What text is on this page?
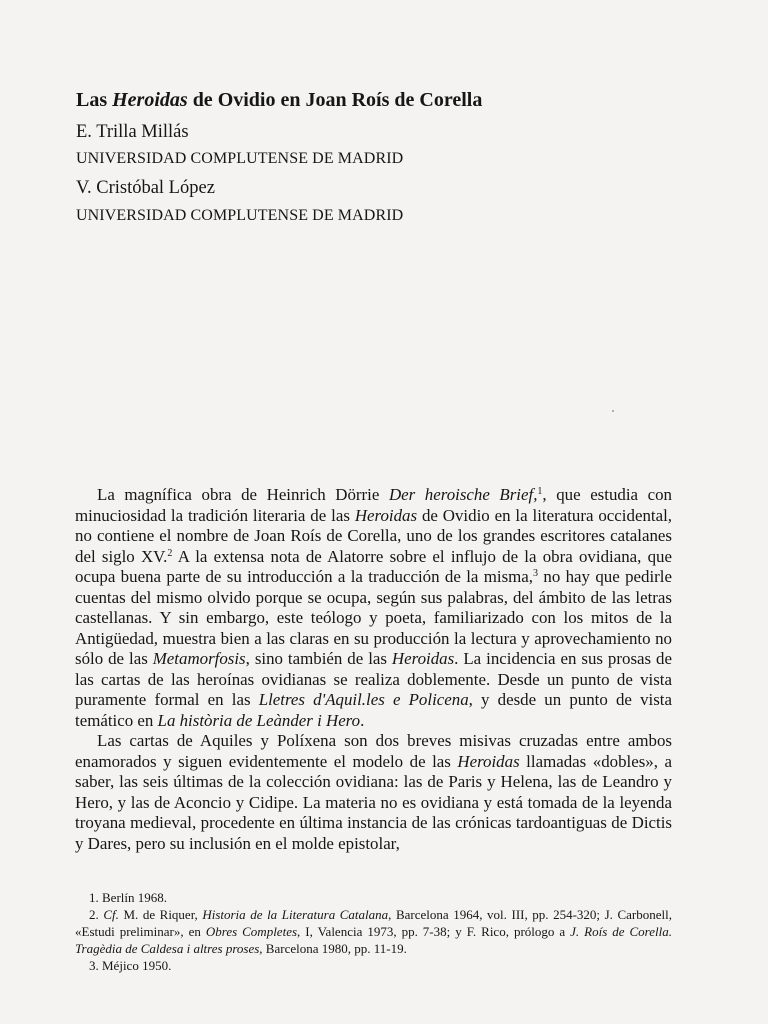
Las Heroidas de Ovidio en Joan Roís de Corella
E. Trilla Millás
UNIVERSIDAD COMPLUTENSE DE MADRID
V. Cristóbal López
UNIVERSIDAD COMPLUTENSE DE MADRID

La magnífica obra de Heinrich Dörrie Der heroische Brief,$^1$, que estudia con minuciosidad la tradición literaria de las Heroidas de Ovidio en la literatura occidental, no contiene el nombre de Joan Roís de Corella, uno de los grandes escritores catalanes del siglo XV.$^2$ A la extensa nota de Alatorre sobre el influjo de la obra ovidiana, que ocupa buena parte de su introducción a la traducción de la misma,$^3$ no hay que pedirle cuentas del mismo olvido porque se ocupa, según sus palabras, del ámbito de las letras castellanas. Y sin embargo, este teólogo y poeta, familiarizado con los mitos de la Antigüedad, muestra bien a las claras en su producción la lectura y aprovechamiento no sólo de las Metamorfosis, sino también de las Heroidas. La incidencia en sus prosas de las cartas de las heroínas ovidianas se realiza doblemente. Desde un punto de vista puramente formal en las Lletres d'Aquil.les e Policena, y desde un punto de vista temático en La història de Leànder i Hero.

Las cartas de Aquiles y Políxena son dos breves misivas cruzadas entre ambos enamorados y siguen evidentemente el modelo de las Heroidas llamadas «dobles», a saber, las seis últimas de la colección ovidiana: las de Paris y Helena, las de Leandro y Hero, y las de Aconcio y Cidipe. La materia no es ovidiana y está tomada de la leyenda troyana medieval, procedente en última instancia de las crónicas tardoantiguas de Dictis y Dares, pero su inclusión en el molde epistolar,

1. Berlín 1968.

2. Cf. M. de Riquer, Historia de la Literatura Catalana, Barcelona 1964, vol. III, pp. 254-320; J. Carbonell, «Estudi preliminar», en Obres Completes, I, Valencia 1973, pp. 7-38; y F. Rico, prólogo a J. Roís de Corella. Tragèdia de Caldesa i altres proses, Barcelona 1980, pp. 11-19.

3. Méjico 1950.
